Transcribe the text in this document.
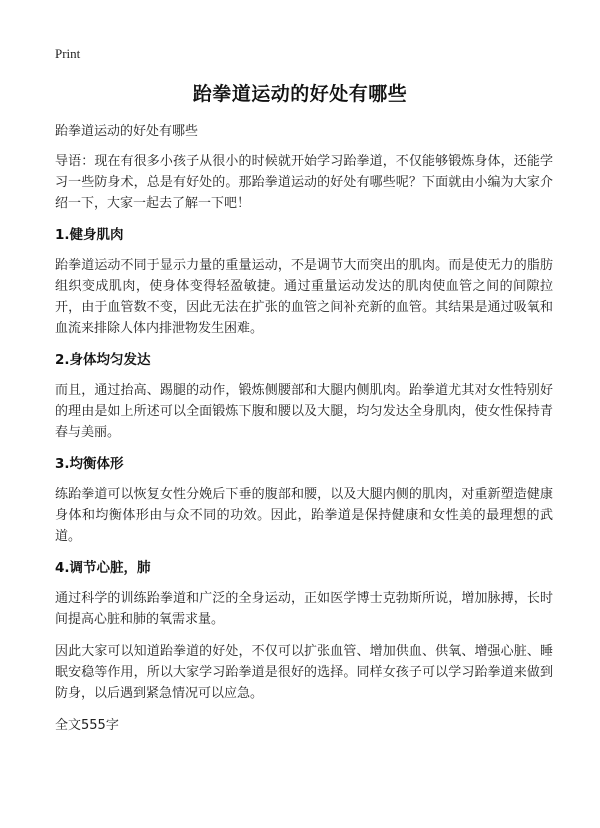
Print
跆拳道运动的好处有哪些
跆拳道运动的好处有哪些

导语：现在有很多小孩子从很小的时候就开始学习跆拳道，不仅能够锻炼身体，还能学习一些防身术，总是有好处的。那跆拳道运动的好处有哪些呢？下面就由小编为大家介绍一下，大家一起去了解一下吧！

1.健身肌肉

跆拳道运动不同于显示力量的重量运动，不是调节大而突出的肌肉。而是使无力的脂肪组织变成肌肉，使身体变得轻盈敏捷。通过重量运动发达的肌肉使血管之间的间隙拉开，由于血管数不变，因此无法在扩张的血管之间补充新的血管。其结果是通过吸氧和血流来排除人体内排泄物发生困难。

2.身体均匀发达

而且，通过抬高、踢腿的动作，锻炼侧腰部和大腿内侧肌肉。跆拳道尤其对女性特别好的理由是如上所述可以全面锻炼下腹和腰以及大腿，均匀发达全身肌肉，使女性保持青春与美丽。

3.均衡体形

练跆拳道可以恢复女性分娩后下垂的腹部和腰，以及大腿内侧的肌肉，对重新塑造健康身体和均衡体形由与众不同的功效。因此，跆拳道是保持健康和女性美的最理想的武道。

4.调节心脏，肺

通过科学的训练跆拳道和广泛的全身运动，正如医学博士克勃斯所说，增加脉搏，长时间提高心脏和肺的氧需求量。

因此大家可以知道跆拳道的好处，不仅可以扩张血管、增加供血、供氧、增强心脏、睡眠安稳等作用，所以大家学习跆拳道是很好的选择。同样女孩子可以学习跆拳道来做到防身，以后遇到紧急情况可以应急。

全文555字
